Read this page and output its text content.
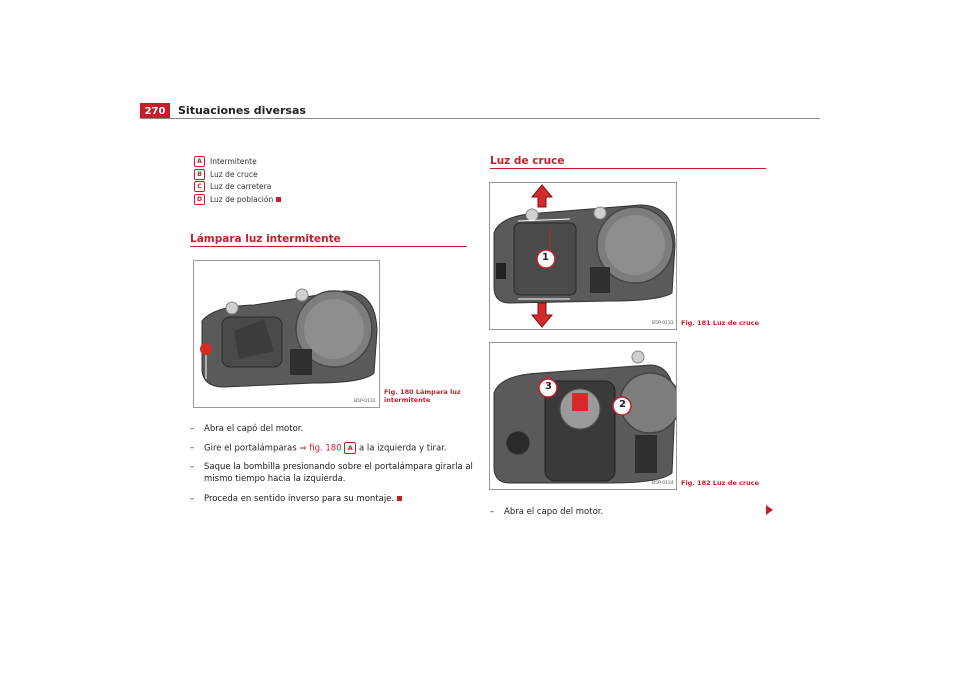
270	Situaciones diversas
A	Intermitente
B	Luz de cruce
C	Luz de carretera
D	Luz de población
Lámpara luz intermitente
A
B5P-0132
Fig. 180 Lámpara luz intermitente
– Abra el capó del motor.
– Gire el portalámparas ⇒ fig. 180 A a la izquierda y tirar.
– Saque la bombilla presionando sobre el portalámpara girarla al mismo tiempo hacia la izquierda.
– Proceda en sentido inverso para su montaje.
Luz de cruce
1
B5P-0133 Fig. 181 Luz de cruce
3
2
B5P-0134 Fig. 182 Luz de cruce
– Abra el capo del motor.
